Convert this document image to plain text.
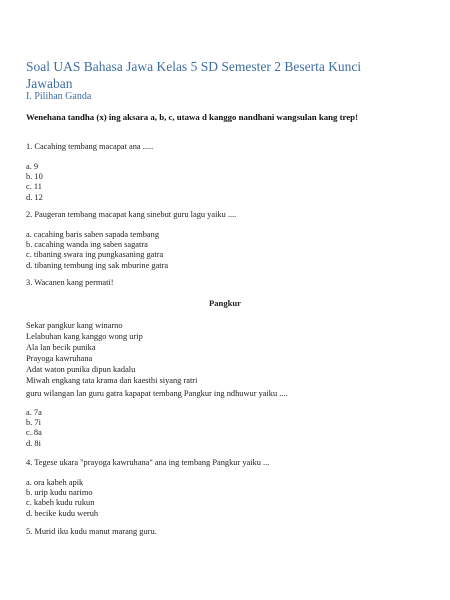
Soal UAS Bahasa Jawa Kelas 5 SD Semester 2 Beserta Kunci Jawaban
I. Pilihan Ganda
Wenehana tandha (x) ing aksara a, b, c, utawa d kanggo nandhani wangsulan kang trep!
1. Cacahing tembang macapat ana .....
a. 9
b. 10
c. 11
d. 12
2. Paugeran tembang macapat kang sinebut guru lagu yaiku ....
a. cacahing baris saben sapada tembang
b. cacahing wanda ing saben sagatra
c. tibaning swara ing pungkasaning gatra
d. tibaning tembung ing sak mburine gatra
3. Wacanen kang permati!
Pangkur
Sekar pangkur kang winarno
Lelabuhan kang kanggo wong urip
Ala lan becik punika
Prayoga kawruhana
Adat waton punika dipun kadalu
Miwah engkang tata krama dan kaesthi siyang ratri
guru wilangan lan guru gatra kapapat tembang Pangkur ing ndhuwur yaiku ....
a. 7a
b. 7i
c. 8a
d. 8i
4. Tegese ukara "prayoga kawruhana" ana ing tembang Pangkur yaiku ...
a. ora kabeh apik
b. urip kudu narimo
c. kabeh kudu rukun
d. becike kudu weruh
5. Murid iku kudu manut marang guru.
